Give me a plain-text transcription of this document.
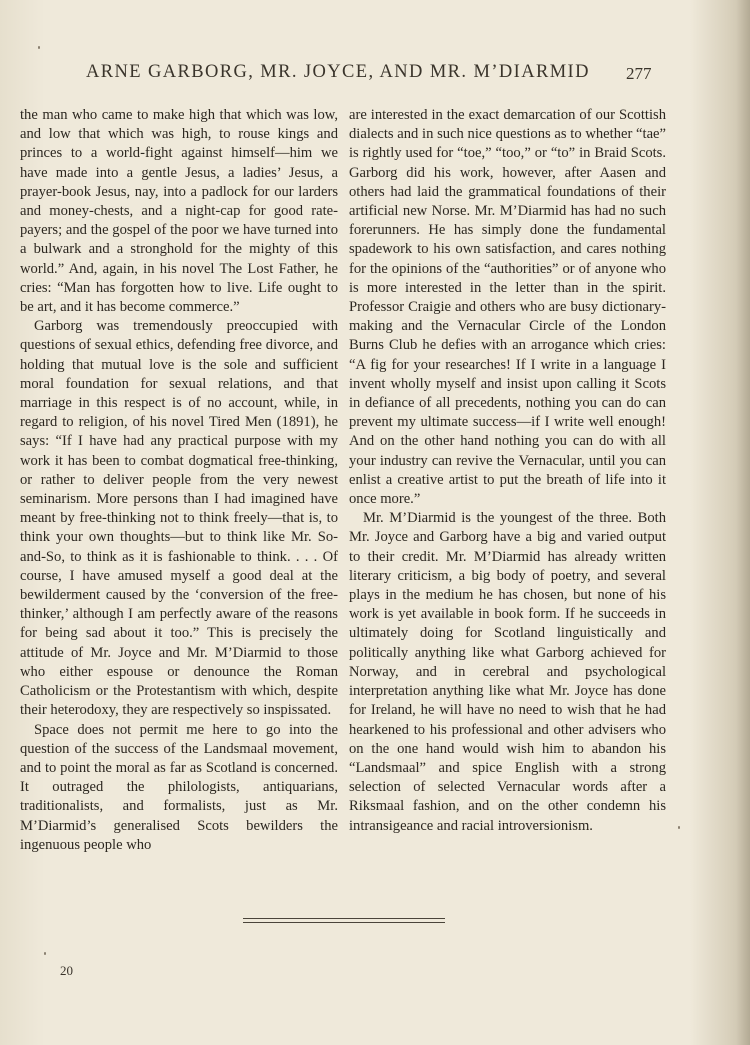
ARNE GARBORG, MR. JOYCE, AND MR. M’DIARMID	277

the man who came to make high that which was low, and low that which was high, to rouse kings and princes to a world-fight against himself—him we have made into a gentle Jesus, a ladies’ Jesus, a prayer-book Jesus, nay, into a padlock for our larders and money-chests, and a night-cap for good rate-payers; and the gospel of the poor we have turned into a bulwark and a stronghold for the mighty of this world.” And, again, in his novel The Lost Father, he cries: “Man has forgotten how to live. Life ought to be art, and it has become commerce.”

Garborg was tremendously preoccupied with questions of sexual ethics, defending free divorce, and holding that mutual love is the sole and sufficient moral foundation for sexual relations, and that marriage in this respect is of no account, while, in regard to religion, of his novel Tired Men (1891), he says: “If I have had any practical purpose with my work it has been to combat dogmatical free-thinking, or rather to deliver people from the very newest seminarism. More persons than I had imagined have meant by free-thinking not to think freely—that is, to think your own thoughts—but to think like Mr. So-and-So, to think as it is fashionable to think. . . . Of course, I have amused myself a good deal at the bewilderment caused by the ‘conversion of the free-thinker,’ although I am perfectly aware of the reasons for being sad about it too.” This is precisely the attitude of Mr. Joyce and Mr. M’Diarmid to those who either espouse or denounce the Roman Catholicism or the Protestantism with which, despite their heterodoxy, they are respectively so inspissated.

Space does not permit me here to go into the question of the success of the Landsmaal movement, and to point the moral as far as Scotland is concerned. It outraged the philologists, antiquarians, traditionalists, and formalists, just as Mr. M’Diarmid’s generalised Scots bewilders the ingenuous people who

are interested in the exact demarcation of our Scottish dialects and in such nice questions as to whether “tae” is rightly used for “toe,” “too,” or “to” in Braid Scots. Garborg did his work, however, after Aasen and others had laid the grammatical foundations of their artificial new Norse. Mr. M’Diarmid has had no such forerunners. He has simply done the fundamental spadework to his own satisfaction, and cares nothing for the opinions of the “authorities” or of anyone who is more interested in the letter than in the spirit. Professor Craigie and others who are busy dictionary-making and the Vernacular Circle of the London Burns Club he defies with an arrogance which cries: “A fig for your researches! If I write in a language I invent wholly myself and insist upon calling it Scots in defiance of all precedents, nothing you can do can prevent my ultimate success—if I write well enough! And on the other hand nothing you can do with all your industry can revive the Vernacular, until you can enlist a creative artist to put the breath of life into it once more.”

Mr. M’Diarmid is the youngest of the three. Both Mr. Joyce and Garborg have a big and varied output to their credit. Mr. M’Diarmid has already written literary criticism, a big body of poetry, and several plays in the medium he has chosen, but none of his work is yet available in book form. If he succeeds in ultimately doing for Scotland linguistically and politically anything like what Garborg achieved for Norway, and in cerebral and psychological interpretation anything like what Mr. Joyce has done for Ireland, he will have no need to wish that he had hearkened to his professional and other advisers who on the one hand would wish him to abandon his “Landsmaal” and spice English with a strong selection of selected Vernacular words after a Riksmaal fashion, and on the other condemn his intransigeance and racial introversionism.

20
